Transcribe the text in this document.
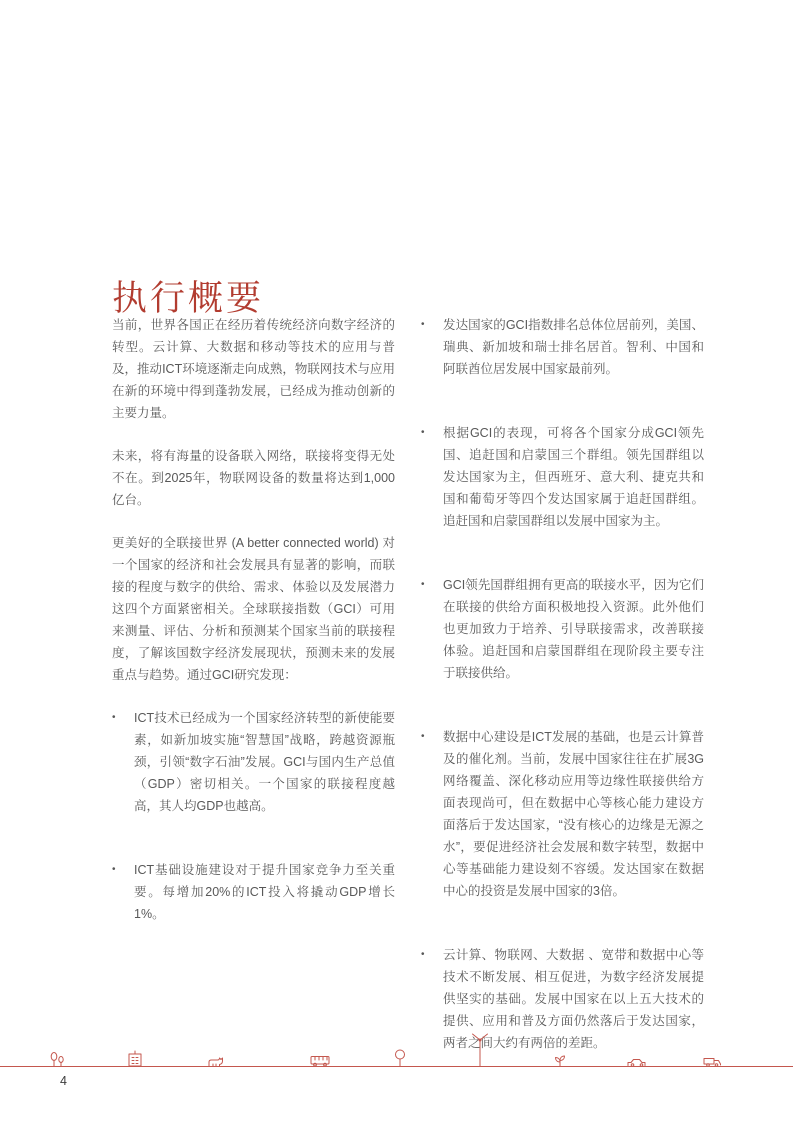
执行概要

当前，世界各国正在经历着传统经济向数字经济的转型。云计算、大数据和移动等技术的应用与普及，推动ICT环境逐渐走向成熟，物联网技术与应用在新的环境中得到蓬勃发展，已经成为推动创新的主要力量。

未来，将有海量的设备联入网络，联接将变得无处不在。到2025年，物联网设备的数量将达到1,000亿台。

更美好的全联接世界 (A better connected world) 对一个国家的经济和社会发展具有显著的影响，而联接的程度与数字的供给、需求、体验以及发展潜力这四个方面紧密相关。全球联接指数（GCI）可用来测量、评估、分析和预测某个国家当前的联接程度，了解该国数字经济发展现状，预测未来的发展重点与趋势。通过GCI研究发现：

•	ICT技术已经成为一个国家经济转型的新使能要素，如新加坡实施“智慧国”战略，跨越资源瓶颈，引领“数字石油”发展。GCI与国内生产总值（GDP）密切相关。一个国家的联接程度越高，其人均GDP也越高。

•	ICT基础设施建设对于提升国家竞争力至关重要。每增加20%的ICT投入将撬动GDP增长1%。

•	发达国家的GCI指数排名总体位居前列，美国、瑞典、新加坡和瑞士排名居首。智利、中国和阿联酋位居发展中国家最前列。

•	根据GCI的表现，可将各个国家分成GCI领先国、追赶国和启蒙国三个群组。领先国群组以发达国家为主，但西班牙、意大利、捷克共和国和葡萄牙等四个发达国家属于追赶国群组。追赶国和启蒙国群组以发展中国家为主。

•	GCI领先国群组拥有更高的联接水平，因为它们在联接的供给方面积极地投入资源。此外他们也更加致力于培养、引导联接需求，改善联接体验。追赶国和启蒙国群组在现阶段主要专注于联接供给。

•	数据中心建设是ICT发展的基础，也是云计算普及的催化剂。当前，发展中国家往往在扩展3G网络覆盖、深化移动应用等边缘性联接供给方面表现尚可，但在数据中心等核心能力建设方面落后于发达国家，“没有核心的边缘是无源之水”，要促进经济社会发展和数字转型，数据中心等基础能力建设刻不容缓。发达国家在数据中心的投资是发展中国家的3倍。

•	云计算、物联网、大数据 、宽带和数据中心等技术不断发展、相互促进，为数字经济发展提供坚实的基础。发展中国家在以上五大技术的提供、应用和普及方面仍然落后于发达国家，两者之间大约有两倍的差距。

4
